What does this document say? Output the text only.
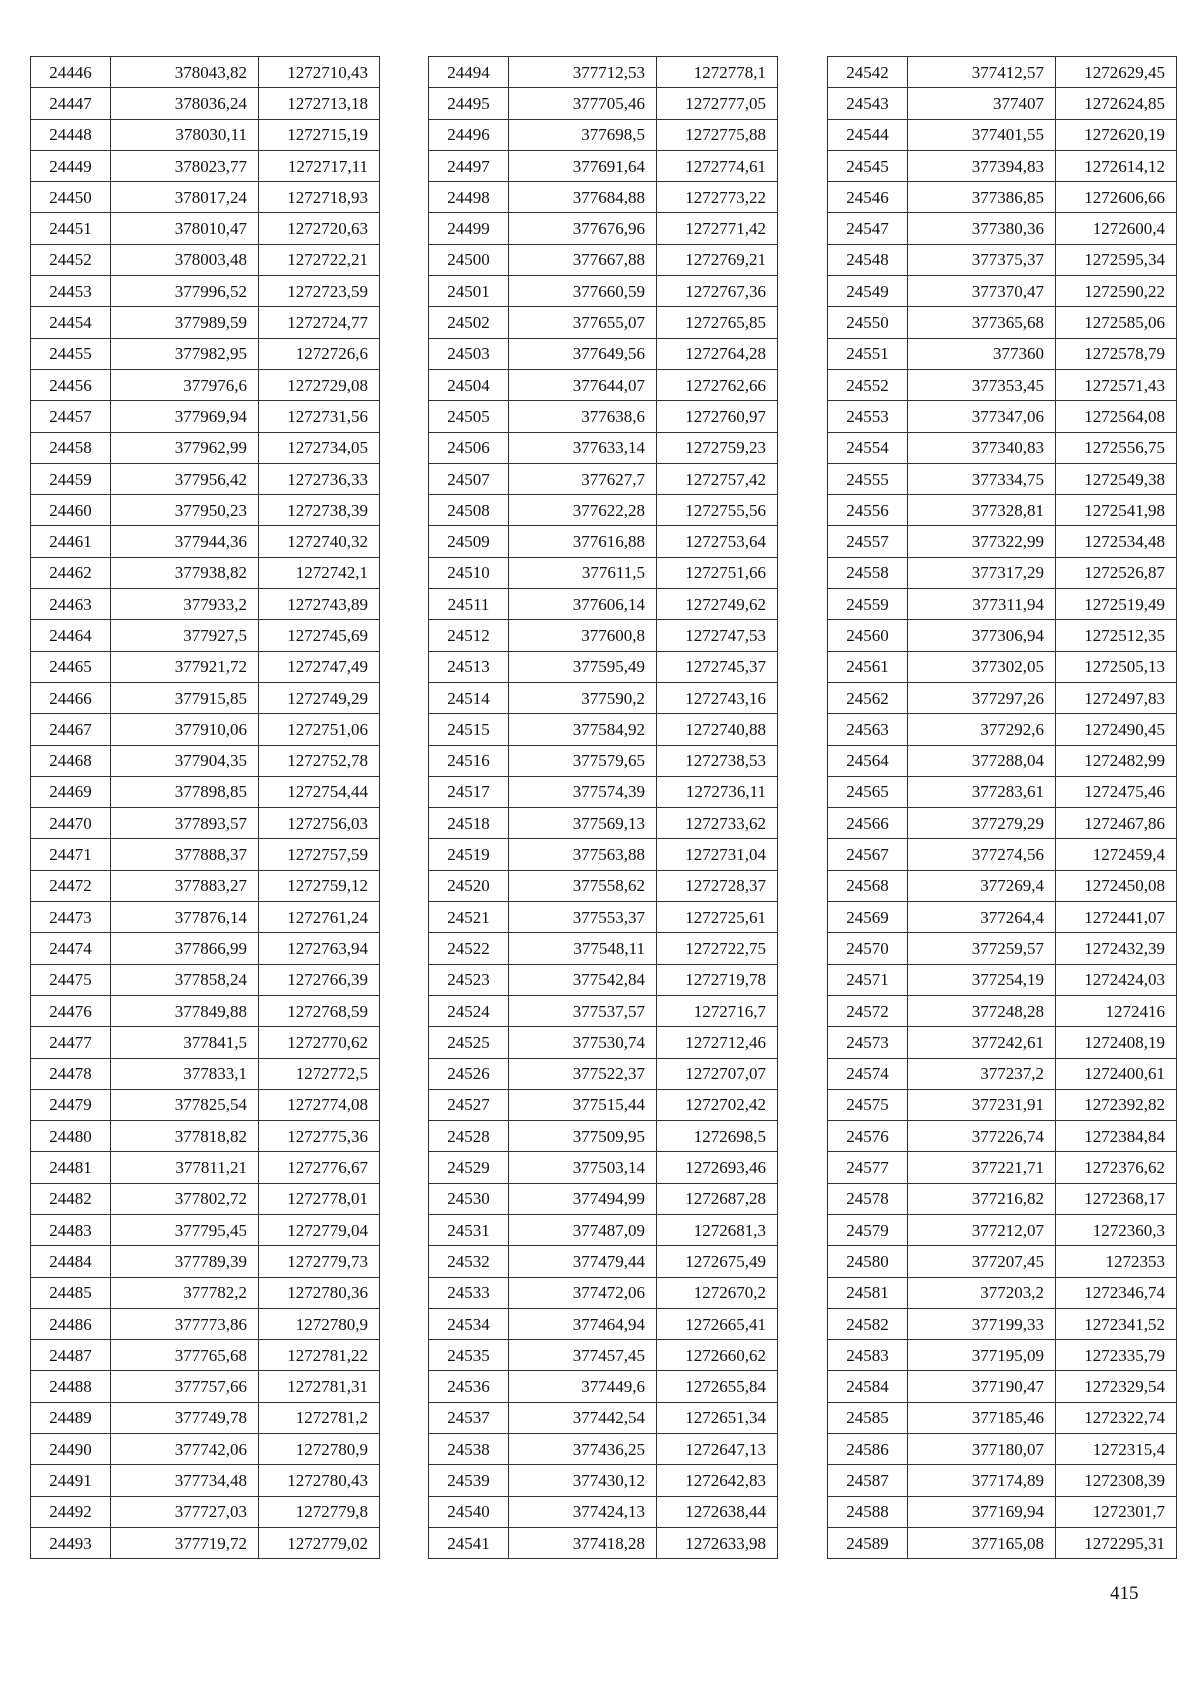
24446	378043,82	1272710,43
24447	378036,24	1272713,18
24448	378030,11	1272715,19
24449	378023,77	1272717,11
24450	378017,24	1272718,93
24451	378010,47	1272720,63
24452	378003,48	1272722,21
24453	377996,52	1272723,59
24454	377989,59	1272724,77
24455	377982,95	1272726,6
24456	377976,6	1272729,08
24457	377969,94	1272731,56
24458	377962,99	1272734,05
24459	377956,42	1272736,33
24460	377950,23	1272738,39
24461	377944,36	1272740,32
24462	377938,82	1272742,1
24463	377933,2	1272743,89
24464	377927,5	1272745,69
24465	377921,72	1272747,49
24466	377915,85	1272749,29
24467	377910,06	1272751,06
24468	377904,35	1272752,78
24469	377898,85	1272754,44
24470	377893,57	1272756,03
24471	377888,37	1272757,59
24472	377883,27	1272759,12
24473	377876,14	1272761,24
24474	377866,99	1272763,94
24475	377858,24	1272766,39
24476	377849,88	1272768,59
24477	377841,5	1272770,62
24478	377833,1	1272772,5
24479	377825,54	1272774,08
24480	377818,82	1272775,36
24481	377811,21	1272776,67
24482	377802,72	1272778,01
24483	377795,45	1272779,04
24484	377789,39	1272779,73
24485	377782,2	1272780,36
24486	377773,86	1272780,9
24487	377765,68	1272781,22
24488	377757,66	1272781,31
24489	377749,78	1272781,2
24490	377742,06	1272780,9
24491	377734,48	1272780,43
24492	377727,03	1272779,8
24493	377719,72	1272779,02
24494	377712,53	1272778,1
24495	377705,46	1272777,05
24496	377698,5	1272775,88
24497	377691,64	1272774,61
24498	377684,88	1272773,22
24499	377676,96	1272771,42
24500	377667,88	1272769,21
24501	377660,59	1272767,36
24502	377655,07	1272765,85
24503	377649,56	1272764,28
24504	377644,07	1272762,66
24505	377638,6	1272760,97
24506	377633,14	1272759,23
24507	377627,7	1272757,42
24508	377622,28	1272755,56
24509	377616,88	1272753,64
24510	377611,5	1272751,66
24511	377606,14	1272749,62
24512	377600,8	1272747,53
24513	377595,49	1272745,37
24514	377590,2	1272743,16
24515	377584,92	1272740,88
24516	377579,65	1272738,53
24517	377574,39	1272736,11
24518	377569,13	1272733,62
24519	377563,88	1272731,04
24520	377558,62	1272728,37
24521	377553,37	1272725,61
24522	377548,11	1272722,75
24523	377542,84	1272719,78
24524	377537,57	1272716,7
24525	377530,74	1272712,46
24526	377522,37	1272707,07
24527	377515,44	1272702,42
24528	377509,95	1272698,5
24529	377503,14	1272693,46
24530	377494,99	1272687,28
24531	377487,09	1272681,3
24532	377479,44	1272675,49
24533	377472,06	1272670,2
24534	377464,94	1272665,41
24535	377457,45	1272660,62
24536	377449,6	1272655,84
24537	377442,54	1272651,34
24538	377436,25	1272647,13
24539	377430,12	1272642,83
24540	377424,13	1272638,44
24541	377418,28	1272633,98
24542	377412,57	1272629,45
24543	377407	1272624,85
24544	377401,55	1272620,19
24545	377394,83	1272614,12
24546	377386,85	1272606,66
24547	377380,36	1272600,4
24548	377375,37	1272595,34
24549	377370,47	1272590,22
24550	377365,68	1272585,06
24551	377360	1272578,79
24552	377353,45	1272571,43
24553	377347,06	1272564,08
24554	377340,83	1272556,75
24555	377334,75	1272549,38
24556	377328,81	1272541,98
24557	377322,99	1272534,48
24558	377317,29	1272526,87
24559	377311,94	1272519,49
24560	377306,94	1272512,35
24561	377302,05	1272505,13
24562	377297,26	1272497,83
24563	377292,6	1272490,45
24564	377288,04	1272482,99
24565	377283,61	1272475,46
24566	377279,29	1272467,86
24567	377274,56	1272459,4
24568	377269,4	1272450,08
24569	377264,4	1272441,07
24570	377259,57	1272432,39
24571	377254,19	1272424,03
24572	377248,28	1272416
24573	377242,61	1272408,19
24574	377237,2	1272400,61
24575	377231,91	1272392,82
24576	377226,74	1272384,84
24577	377221,71	1272376,62
24578	377216,82	1272368,17
24579	377212,07	1272360,3
24580	377207,45	1272353
24581	377203,2	1272346,74
24582	377199,33	1272341,52
24583	377195,09	1272335,79
24584	377190,47	1272329,54
24585	377185,46	1272322,74
24586	377180,07	1272315,4
24587	377174,89	1272308,39
24588	377169,94	1272301,7
24589	377165,08	1272295,31
415
